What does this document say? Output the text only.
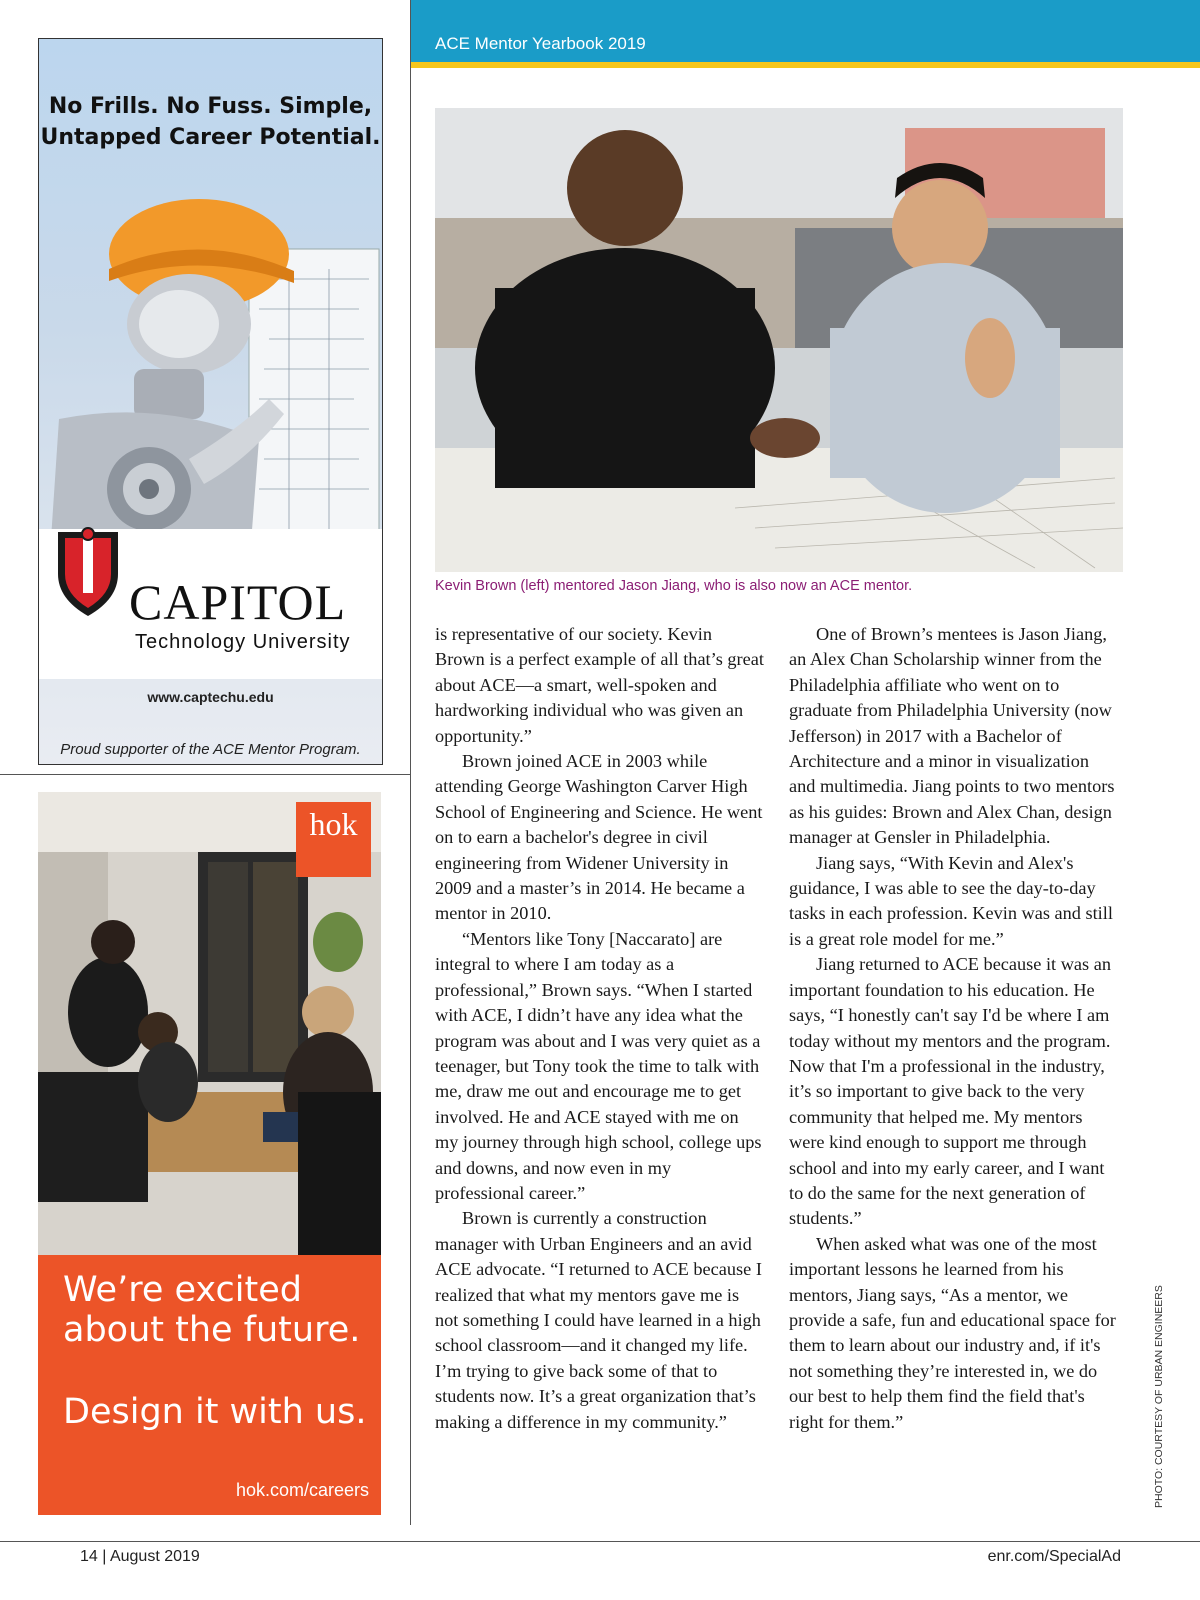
ACE Mentor Yearbook 2019
No Frills. No Fuss. Simple,
Untapped Career Potential.
CAPITOL
Technology University
www.captechu.edu
Proud supporter of the ACE Mentor Program.
hok
We’re excited
about the future.
Design it with us.
hok.com/careers
Kevin Brown (left) mentored Jason Jiang, who is also now an ACE mentor.

is representative of our society. Kevin Brown is a perfect example of all that’s great about ACE—a smart, well-spoken and hardworking individual who was given an opportunity.”

Brown joined ACE in 2003 while attending George Washington Carver High School of Engineering and Science. He went on to earn a bachelor's degree in civil engineering from Widener University in 2009 and a master’s in 2014. He became a mentor in 2010.

“Mentors like Tony [Naccarato] are integral to where I am today as a professional,” Brown says. “When I started with ACE, I didn’t have any idea what the program was about and I was very quiet as a teenager, but Tony took the time to talk with me, draw me out and encourage me to get involved. He and ACE stayed with me on my journey through high school, college ups and downs, and now even in my professional career.”

Brown is currently a construction manager with Urban Engineers and an avid ACE advocate. “I returned to ACE because I realized that what my mentors gave me is not something I could have learned in a high school classroom—and it changed my life. I’m trying to give back some of that to students now. It’s a great organization that’s making a difference in my community.”

One of Brown’s mentees is Jason Jiang, an Alex Chan Scholarship winner from the Philadelphia affiliate who went on to graduate from Philadelphia University (now Jefferson) in 2017 with a Bachelor of Architecture and a minor in visualization and multimedia. Jiang points to two mentors as his guides: Brown and Alex Chan, design manager at Gensler in Philadelphia.

Jiang says, “With Kevin and Alex's guidance, I was able to see the day-to-day tasks in each profession. Kevin was and still is a great role model for me.”

Jiang returned to ACE because it was an important foundation to his education. He says, “I honestly can't say I'd be where I am today without my mentors and the program. Now that I'm a professional in the industry, it’s so important to give back to the very community that helped me. My mentors were kind enough to support me through school and into my early career, and I want to do the same for the next generation of students.”

When asked what was one of the most important lessons he learned from his mentors, Jiang says, “As a mentor, we provide a safe, fun and educational space for them to learn about our industry and, if it's not something they’re interested in, we do our best to help them find the field that's right for them.”	PHOTO: COURTESY OF URBAN ENGINEERS
14 | August 2019	enr.com/SpecialAd
